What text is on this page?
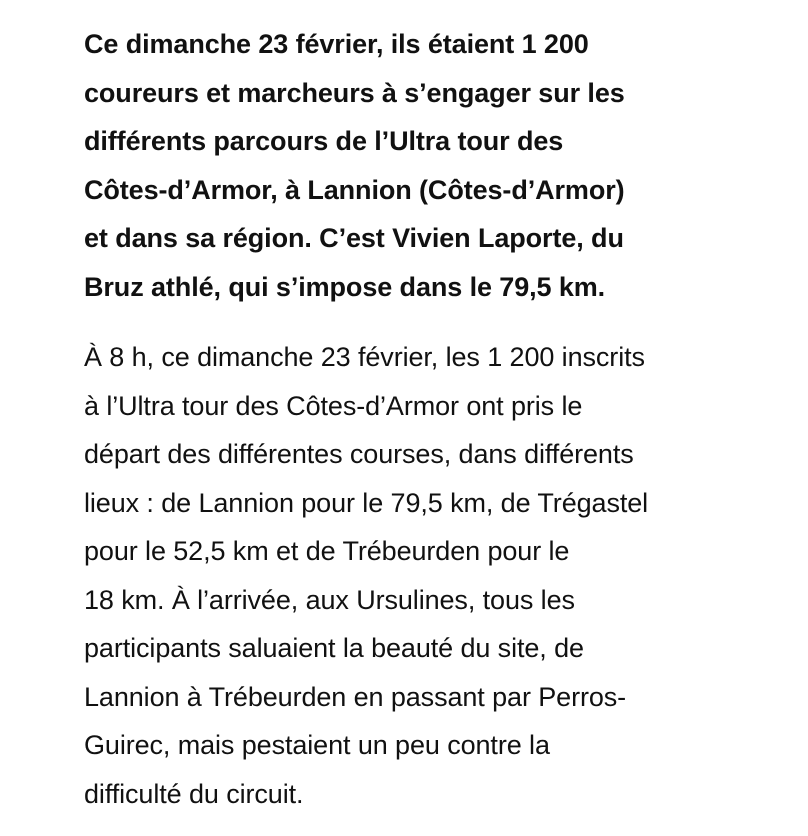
Ce dimanche 23 février, ils étaient 1 200
coureurs et marcheurs à s’engager sur les
différents parcours de l’Ultra tour des
Côtes-d’Armor, à Lannion (Côtes-d’Armor)
et dans sa région. C’est Vivien Laporte, du
Bruz athlé, qui s’impose dans le 79,5 km.

À 8 h, ce dimanche 23 février, les 1 200 inscrits
à l’Ultra tour des Côtes-d’Armor ont pris le
départ des différentes courses, dans différents
lieux : de Lannion pour le 79,5 km, de Trégastel
pour le 52,5 km et de Trébeurden pour le
18 km. À l’arrivée, aux Ursulines, tous les
participants saluaient la beauté du site, de
Lannion à Trébeurden en passant par Perros-
Guirec, mais pestaient un peu contre la
difficulté du circuit.
